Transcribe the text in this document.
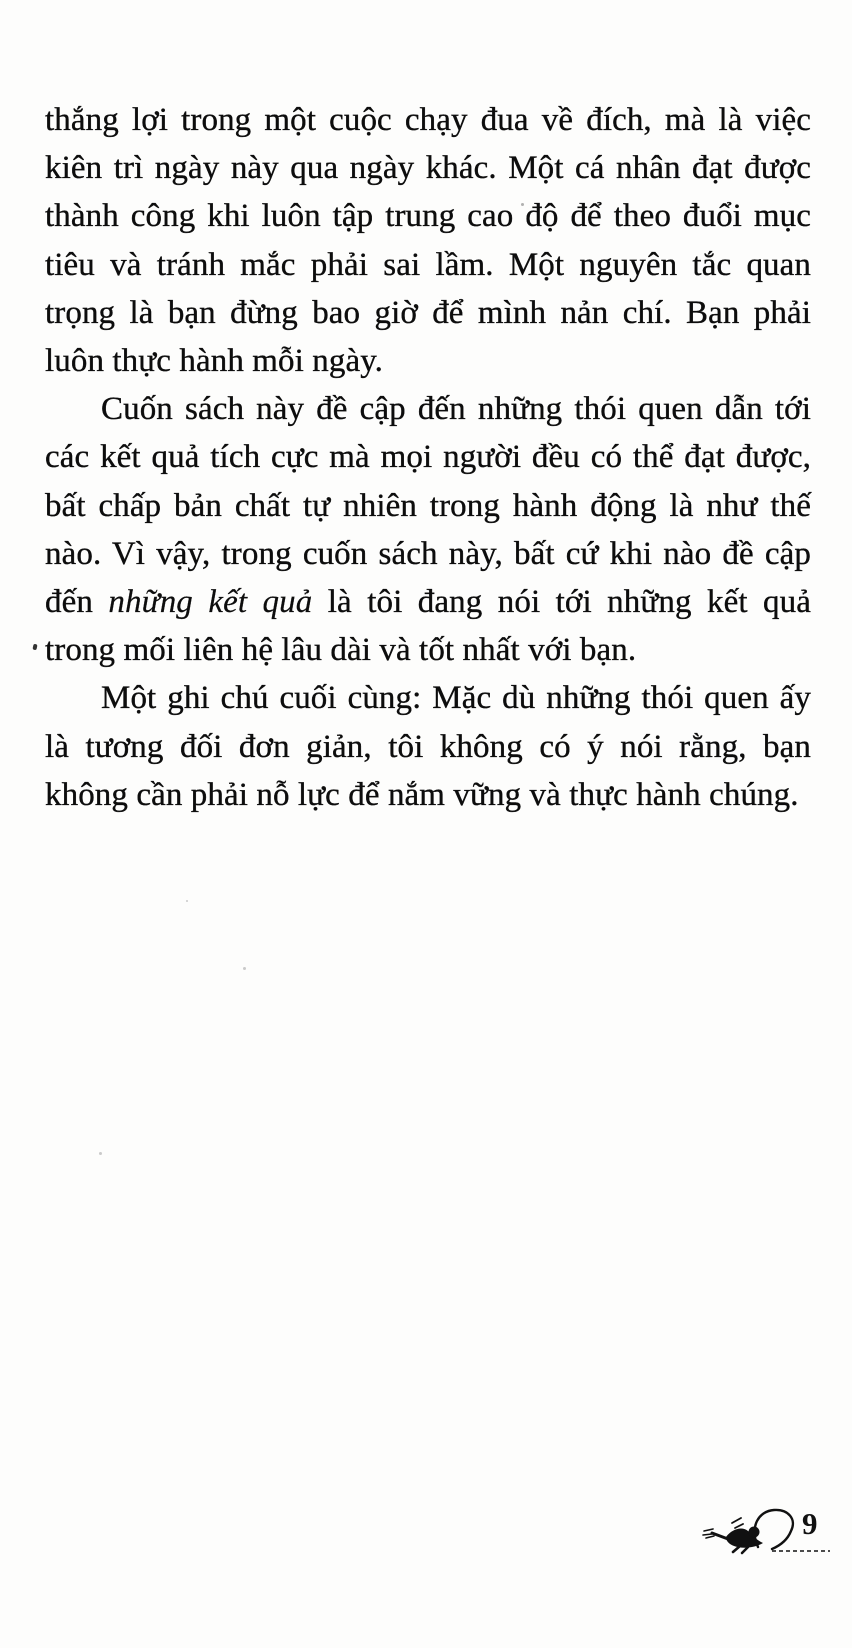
thắng lợi trong một cuộc chạy đua về đích, mà là việc kiên trì ngày này qua ngày khác. Một cá nhân đạt được thành công khi luôn tập trung cao độ để theo đuổi mục tiêu và tránh mắc phải sai lầm. Một nguyên tắc quan trọng là bạn đừng bao giờ để mình nản chí. Bạn phải luôn thực hành mỗi ngày.

Cuốn sách này đề cập đến những thói quen dẫn tới các kết quả tích cực mà mọi người đều có thể đạt được, bất chấp bản chất tự nhiên trong hành động là như thế nào. Vì vậy, trong cuốn sách này, bất cứ khi nào đề cập đến những kết quả là tôi đang nói tới những kết quả trong mối liên hệ lâu dài và tốt nhất với bạn.

Một ghi chú cuối cùng: Mặc dù những thói quen ấy là tương đối đơn giản, tôi không có ý nói rằng, bạn không cần phải nỗ lực để nắm vững và thực hành chúng.

9
